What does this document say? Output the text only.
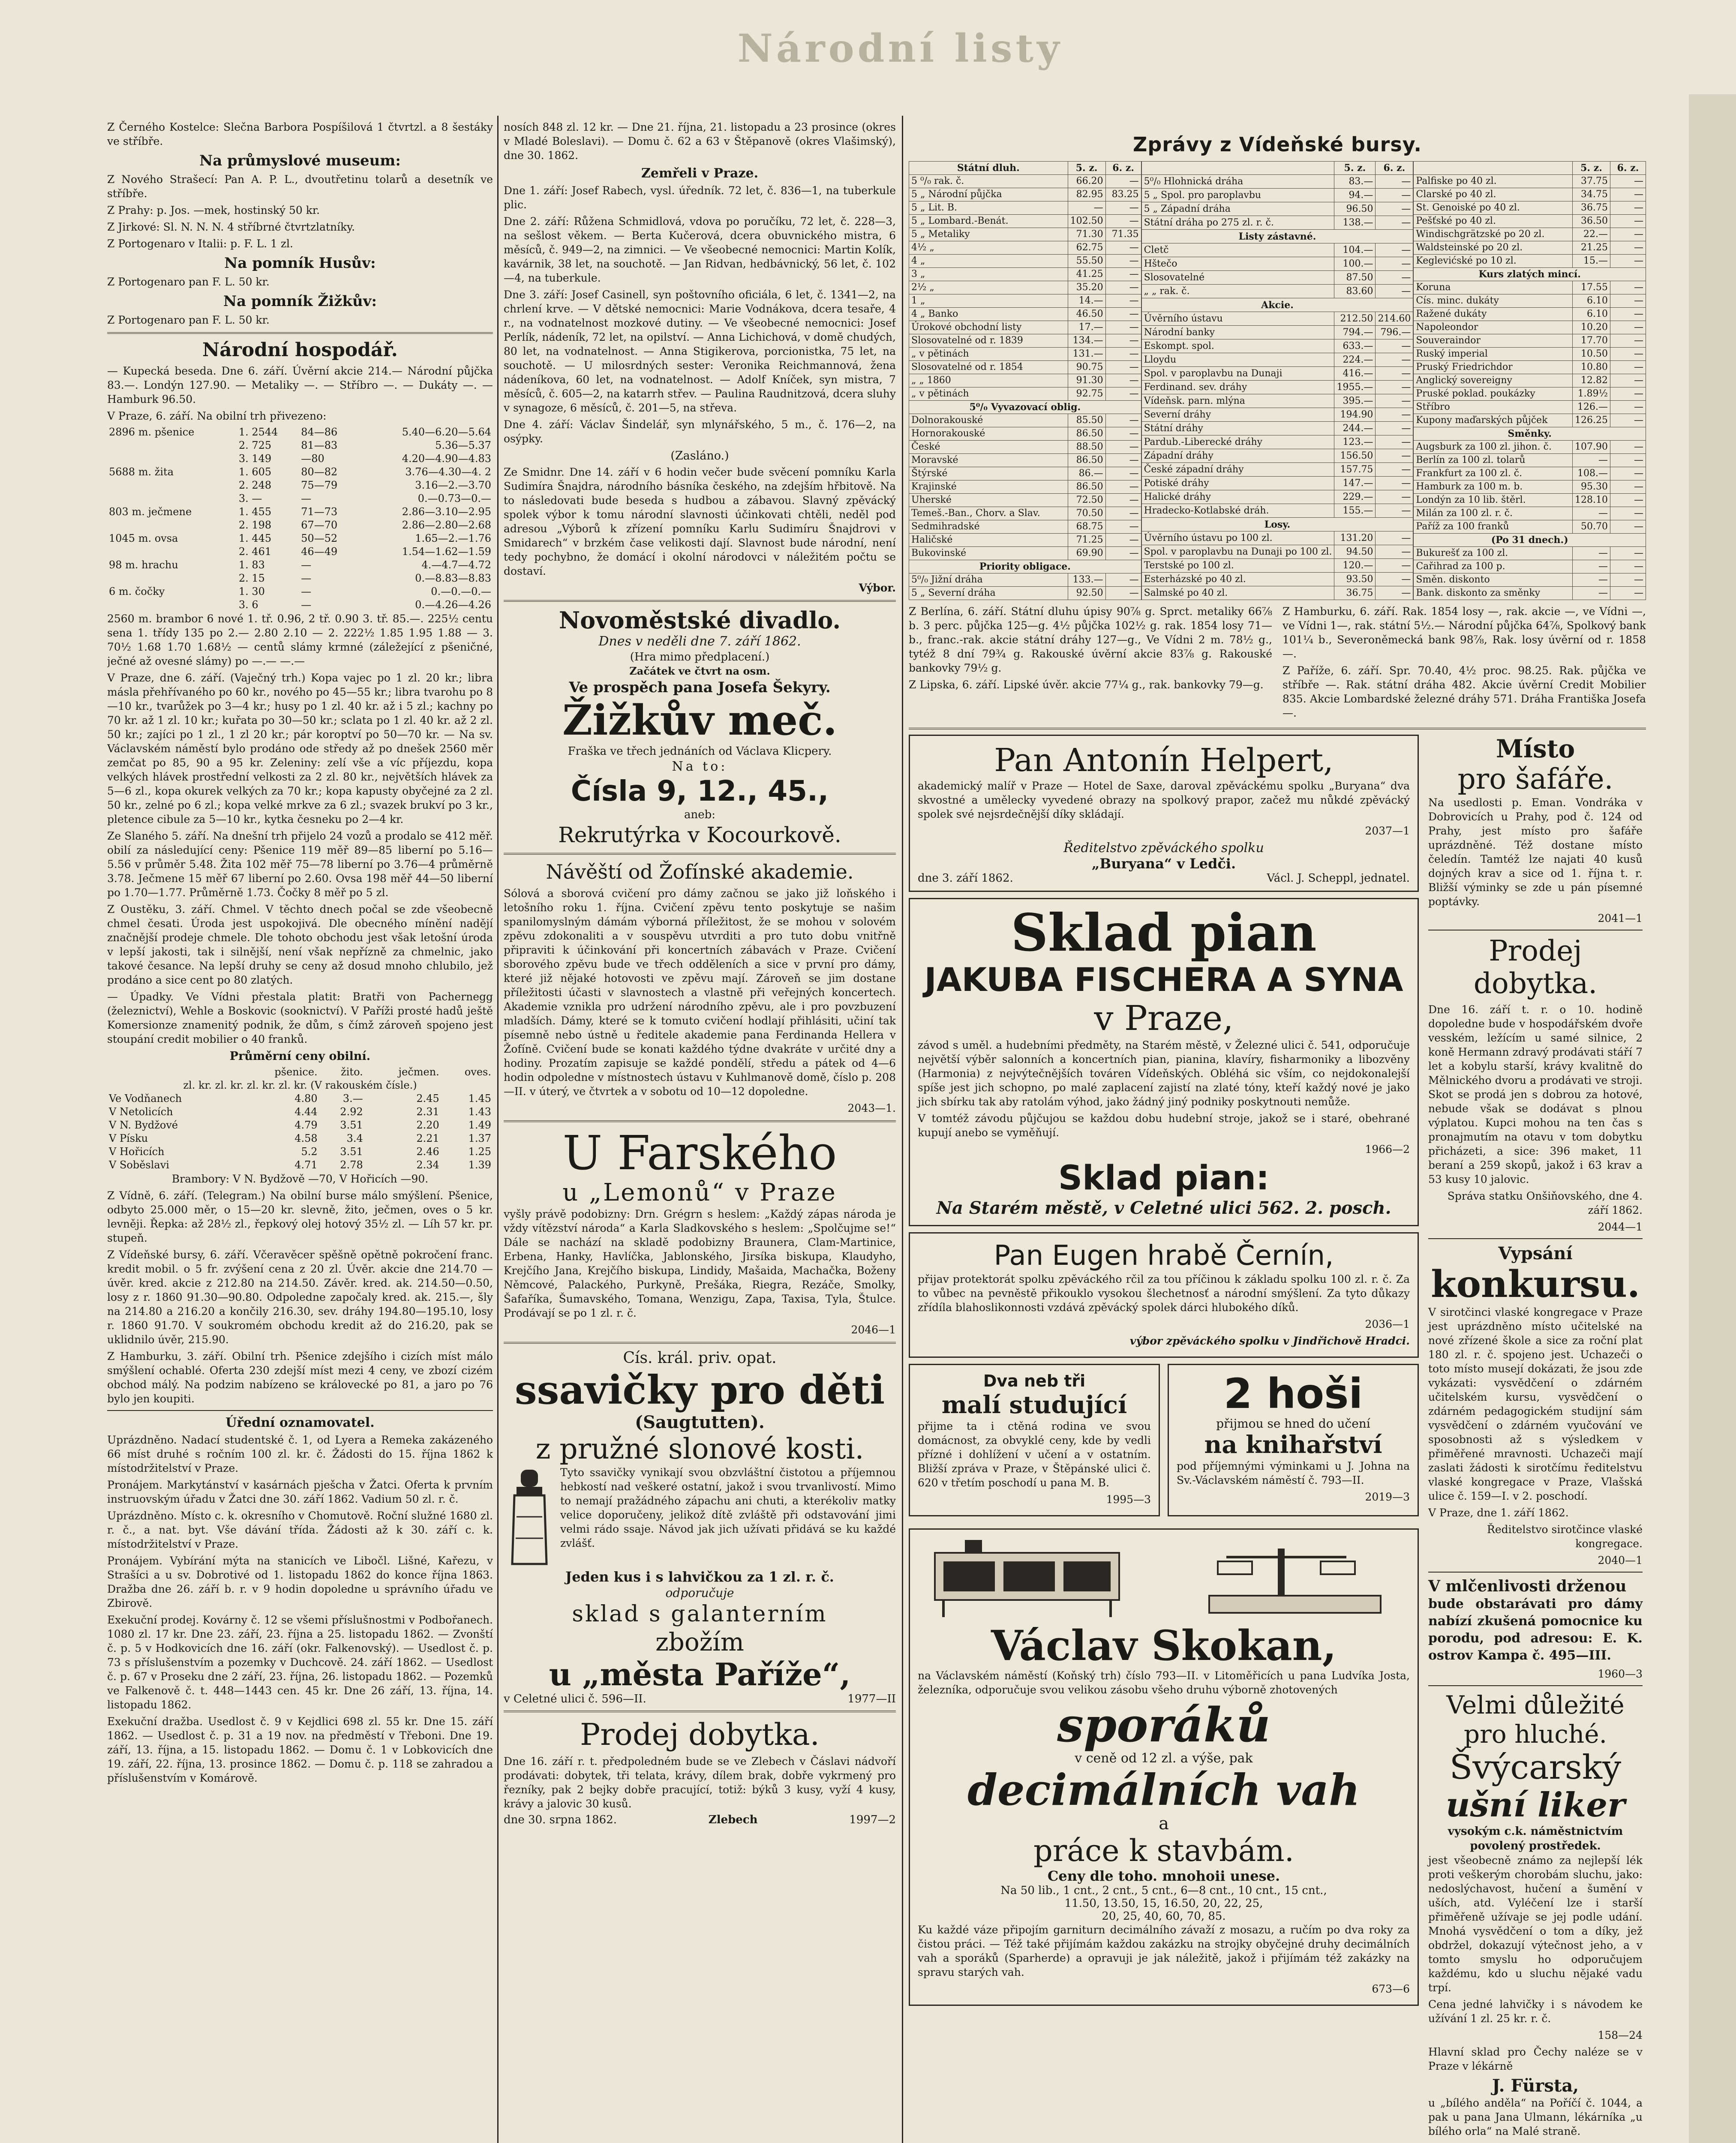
Národní listy

Z Černého Kostelce: Slečna Barbora Pospíšilová 1 čtvrtzl. a 8 šestáky ve stříbře.

Na průmyslové museum:

Z Nového Strašecí: Pan A. P. L., dvoutřetinu tolarů a desetník ve stříbře.

Z Prahy: p. Jos. —mek, hostinský 50 kr.

Z Jirkové: Sl. N. N. N. 4 stříbrné čtvrtzlatníky.

Z Portogenaro v Italii: p. F. L. 1 zl.

Na pomník Husův:

Z Portogenaro pan F. L. 50 kr.

Na pomník Žižkův:

Z Portogenaro pan F. L. 50 kr.

Národní hospodář.

— Kupecká beseda. Dne 6. září. Úvěrní akcie 214.— Národní půjčka 83.—. Londýn 127.90. — Metaliky —. — Stříbro —. — Dukáty —. — Hamburk 96.50.

V Praze, 6. září. Na obilní trh přivezeno:

2896 m. pšenice	1. 2544	84—86	5.40—6.20—5.64
	2. 725	81—83	5.36—5.37
	3. 149	—80	4.20—4.90—4.83
5688 m. žita	1. 605	80—82	3.76—4.30—4. 2
	2. 248	75—79	3.16—2.—3.70
	3. —	—	0.—0.73—0.—
803 m. ječmene	1. 455	71—73	2.86—3.10—2.95
	2. 198	67—70	2.86—2.80—2.68
1045 m. ovsa	1. 445	50—52	1.65—2.—1.76
	2. 461	46—49	1.54—1.62—1.59
98 m. hrachu	1. 83	—	4.—4.7—4.72
	2. 15	—	0.—8.83—8.83
6 m. čočky	1. 30	—	0.—0.—0.—
	3. 6	—	0.—4.26—4.26

2560 m. brambor 6 nové 1. tř. 0.96, 2 tř. 0.90 3. tř. 85.—. 225½ centu sena 1. třídy 135 po 2.— 2.80 2.10 — 2. 222½ 1.85 1.95 1.88 — 3. 70½ 1.68 1.70 1.68½ — centů slámy krmné (záležející z pšeničné, ječné až ovesné slámy) po —.— —.—

V Praze, dne 6. září. (Vaječný trh.) Kopa vajec po 1 zl. 20 kr.; libra másla přehřívaného po 60 kr., nového po 45—55 kr.; libra tvarohu po 8—10 kr., tvarůžek po 3—4 kr.; husy po 1 zl. 40 kr. až i 5 zl.; kachny po 70 kr. až 1 zl. 10 kr.; kuřata po 30—50 kr.; sclata po 1 zl. 40 kr. až 2 zl. 50 kr.; zajíci po 1 zl., 1 zl 20 kr.; pár koroptví po 50—70 kr. — Na sv. Václavském náměstí bylo prodáno ode středy až po dnešek 2560 měr zemčat po 85, 90 a 95 kr. Zeleniny: zelí vše a víc příjezdu, kopa velkých hlávek prostřední velkosti za 2 zl. 80 kr., největších hlávek za 5—6 zl., kopa okurek velkých za 70 kr.; kopa kapusty obyčejné za 2 zl. 50 kr., zelné po 6 zl.; kopa velké mrkve za 6 zl.; svazek brukví po 3 kr., pletence cibule za 5—10 kr., kytka česneku po 2—4 kr.

Ze Slaného 5. září. Na dnešní trh přijelo 24 vozů a prodalo se 412 měř. obilí za následující ceny: Pšenice 119 měř 89—85 liberní po 5.16—5.56 v průměr 5.48. Žita 102 měř 75—78 liberní po 3.76—4 průměrně 3.78. Ječmene 15 měř 67 liberní po 2.60. Ovsa 198 měř 44—50 liberní po 1.70—1.77. Průměrně 1.73. Čočky 8 měř po 5 zl.

Z Oustěku, 3. září. Chmel. V těchto dnech počal se zde všeobecně chmel česati. Úroda jest uspokojivá. Dle obecného mínění nadějí značnější prodeje chmele. Dle tohoto obchodu jest však letošní úroda v lepší jakosti, tak i silnější, není však nepřízně za chmelnic, jako takové česance. Na lepší druhy se ceny až dosud mnoho chlubilo, jež prodáno a sice cent po 80 zlatých.

— Úpadky. Ve Vídni přestala platit: Bratři von Pachernegg (železnictví), Wehle a Boskovic (sooknictví). V Paříži prosté hadů ještě Komersionze znamenitý podnik, že dům, s čímž zároveň spojeno jest stoupání credit mobilier o 40 franků.

Průměrní ceny obilní.
	pšenice.	žito.	ječmen.	oves.
zl. kr. zl. kr. zl. kr. zl. kr. (V rakouském čísle.)				
Ve Vodňanech	4.80	3.—	2.45	1.45
V Netolicích	4.44	2.92	2.31	1.43
V N. Bydžové	4.79	3.51	2.20	1.49
V Písku	4.58	3.4	2.21	1.37
V Hořicích	5.2	3.51	2.46	1.25
V Soběslavi	4.71	2.78	2.34	1.39

Brambory: V N. Bydžově —70, V Hořicích —90.

Z Vídně, 6. září. (Telegram.) Na obilní burse málo smýšlení. Pšenice, odbyto 25.000 měr, o 15—20 kr. slevně, žito, ječmen, oves o 5 kr. levněji. Řepka: až 28½ zl., řepkový olej hotový 35½ zl. — Líh 57 kr. pr. stupeň.

Z Vídeňské bursy, 6. září. Včeravěcer spěšně opětně pokročení franc. kredit mobil. o 5 fr. zvýšení cena z 20 zl. Úvěr. akcie dne 214.70 — úvěr. kred. akcie z 212.80 na 214.50. Závěr. kred. ak. 214.50—0.50, losy z r. 1860 91.30—90.80. Odpoledne započaly kred. ak. 215.—, šly na 214.80 a 216.20 a končily 216.30, sev. dráhy 194.80—195.10, losy r. 1860 91.70. V soukromém obchodu kredit až do 216.20, pak se uklidnilo úvěr, 215.90.

Z Hamburku, 3. září. Obilní trh. Pšenice zdejšího i cizích míst málo smýšlení ochablé. Oferta 230 zdejší míst mezi 4 ceny, ve zbozí cizém obchod málý. Na podzim nabízeno se královecké po 81, a jaro po 76 bylo jen koupiti.

Úřední oznamovatel.

Uprázdněno. Nadací studentské č. 1, od Lyera a Remeka zakázeného 66 míst druhé s ročním 100 zl. kr. č. Žádosti do 15. října 1862 k místodržitelství v Praze.

Pronájem. Markytánství v kasárnách pješcha v Žatci. Oferta k prvním instruovským úřadu v Žatci dne 30. září 1862. Vadium 50 zl. r. č.

Uprázdněno. Místo c. k. okresního v Chomutově. Roční služné 1680 zl. r. č., a nat. byt. Vše dávání třída. Žádosti až k 30. září c. k. místodržitelství v Praze.

Pronájem. Vybírání mýta na stanicích ve Libočl. Lišné, Kařezu, v Strašíci a u sv. Dobrotivé od 1. listopadu 1862 do konce října 1863. Dražba dne 26. září b. r. v 9 hodin dopoledne u správního úřadu ve Zbirově.

Exekuční prodej. Kovárny č. 12 se všemi příslušnostmi v Podbořanech. 1080 zl. 17 kr. Dne 23. září, 23. října a 25. listopadu 1862. — Zvonští č. p. 5 v Hodkovicích dne 16. září (okr. Falkenovský). — Usedlost č. p. 73 s příslušenstvím a pozemky v Duchcově. 24. září 1862. — Usedlost č. p. 67 v Proseku dne 2 září, 23. října, 26. listopadu 1862. — Pozemků ve Falkenově č. t. 448—1443 cen. 45 kr. Dne 26 září, 13. října, 14. listopadu 1862.

Exekuční dražba. Usedlost č. 9 v Kejdlici 698 zl. 55 kr. Dne 15. září 1862. — Usedlost č. p. 31 a 19 nov. na předměstí v Třeboni. Dne 19. září, 13. října, a 15. listopadu 1862. — Domu č. 1 v Lobkovicích dne 19. září, 22. října, 13. prosince 1862. — Domu č. p. 118 se zahradou a příslušenstvím v Komárově.

nosích 848 zl. 12 kr. — Dne 21. října, 21. listopadu a 23 prosince (okres v Mladé Boleslavi). — Domu č. 62 a 63 v Štěpanově (okres Vlašimský), dne 30. 1862.

Zemřeli v Praze.

Dne 1. září: Josef Rabech, vysl. úředník. 72 let, č. 836—1, na tuberkule plic.

Dne 2. září: Růžena Schmidlová, vdova po poručíku, 72 let, č. 228—3, na sešlost věkem. — Berta Kučerová, dcera obuvnického mistra, 6 měsíců, č. 949—2, na zimnici. — Ve všeobecné nemocnici: Martin Kolík, kavárnik, 38 let, na souchotě. — Jan Ridvan, hedbávnický, 56 let, č. 102—4, na tuberkule.

Dne 3. září: Josef Casinell, syn poštovního oficiála, 6 let, č. 1341—2, na chrlení krve. — V dětské nemocnici: Marie Vodnákova, dcera tesaře, 4 r., na vodnatelnost mozkové dutiny. — Ve všeobecné nemocnici: Josef Perlík, nádeník, 72 let, na opilství. — Anna Lichichová, v domě chudých, 80 let, na vodnatelnost. — Anna Stigikerova, porcionistka, 75 let, na souchotě. — U milosrdných sester: Veronika Reichmannová, žena nádeníkova, 60 let, na vodnatelnost. — Adolf Kníček, syn mistra, 7 měsíců, č. 605—2, na katarrh střev. — Paulina Raudnitzová, dcera sluhy v synagoze, 6 měsíců, č. 201—5, na střeva.

Dne 4. září: Václav Šindelář, syn mlynářského, 5 m., č. 176—2, na osýpky.

(Zasláno.)

Ze Smidnr. Dne 14. září v 6 hodin večer bude svěcení pomníku Karla Sudimíra Šnajdra, národního básníka českého, na zdejším hřbitově. Na to následovati bude beseda s hudbou a zábavou. Slavný zpěvácký spolek výbor k tomu národní slavnosti účinkovati chtěli, neděl pod adresou „Výborů k zřízení pomníku Karlu Sudimíru Šnajdrovi v Smidarech“ v brzkém čase velikosti dají. Slavnost bude národní, není tedy pochybno, že domácí i okolní národovci v náležitém počtu se dostaví.

Výbor.

Novoměstské divadlo.
Dnes v neděli dne 7. září 1862.
(Hra mimo předplacení.)
Začátek ve čtvrt na osm.
Ve prospěch pana Josefa Šekyry.
Žižkův meč.
Fraška ve třech jednáních od Václava Klicpery.
Na to:
Čísla 9, 12., 45.,
aneb:
Rekrutýrka v Kocourkově.
Návěští od Žofínské akademie.

Sólová a sborová cvičení pro dámy začnou se jako již loňského i letošního roku 1. října. Cvičení zpěvu tento poskytuje se našim spanilomyslným dámám výborná příležitost, že se mohou v solovém zpěvu zdokonaliti a v souspěvu utvrditi a pro tuto dobu vnitřně připraviti k účinkování při koncertních zábavách v Praze. Cvičení sborového zpěvu bude ve třech odděleních a sice v první pro dámy, které již nějaké hotovosti ve zpěvu mají. Zároveň se jim dostane příležitosti účasti v slavnostech a vlastně při veřejných koncertech. Akademie vznikla pro udržení národního zpěvu, ale i pro povzbuzení mladších. Dámy, které se k tomuto cvičení hodlají přihlásiti, učiní tak písemně nebo ústně u ředitele akademie pana Ferdinanda Hellera v Žofíně. Cvičení bude se konati každého týdne dvakráte v určité dny a hodiny. Prozatím zapisuje se každé pondělí, středu a pátek od 4—6 hodin odpoledne v místnostech ústavu v Kuhlmanově domě, číslo p. 208—II. v úterý, ve čtvrtek a v sobotu od 10—12 dopoledne.

2043—1.

U Farského
u „Lemonů“ v Praze

vyšly právě podobizny: Drn. Grégrn s heslem: „Každý zápas národa je vždy vítězství národa“ a Karla Sladkovského s heslem: „Spolčujme se!“ Dále se nachází na skladě podobizny Braunera, Clam-Martinice, Erbena, Hanky, Havlíčka, Jablonského, Jirsíka biskupa, Klaudyho, Krejčího Jana, Krejčího biskupa, Lindidy, Mašaida, Machačka, Boženy Němcové, Palackého, Purkyně, Prešáka, Riegra, Rezáče, Smolky, Šafaříka, Šumavského, Tomana, Wenzigu, Zapa, Taxisa, Tyla, Štulce. Prodávají se po 1 zl. r. č.

2046—1

Cís. král. priv. opat.
ssavičky pro děti
(Saugtutten).
z pružné slonové kosti.

Tyto ssavičky vynikají svou obzvláštní čistotou a příjemnou hebkostí nad veškeré ostatní, jakož i svou trvanlivostí. Mimo to nemají pražádného zápachu ani chuti, a kterékoliv matky velice doporučeny, jelikož dítě zvláště při odstavování jimi velmi rádo ssaje. Návod jak jich užívati přidává se ku každé zvlášť.

Jeden kus i s lahvičkou za 1 zl. r. č.
odporučuje
sklad s galanterním
zbožím
u „města Paříže“,
v Celetné ulici č. 596—II.	1977—II
Prodej dobytka.

Dne 16. září r. t. předpoledném bude se ve Zlebech v Čáslavi nádvoří prodávati: dobytek, tři telata, krávy, dílem brak, dobře vykrmený pro řezníky, pak 2 bejky dobře pracující, totiž: býků 3 kusy, vyží 4 kusy, krávy a jalovic 30 kusů.

dne 30. srpna 1862.	Zlebech	1997—2
Zprávy z Vídeňské bursy.
Státní dluh.	5. z.	6. z.
5 ⁰/₀ rak. č.	66.20	—
5 „ Národní půjčka	82.95	83.25
5 „ Lit. B.	—	—
5 „ Lombard.-Benát.	102.50	—
5 „ Metaliky	71.30	71.35
4½ „	62.75	—
4 „	55.50	—
3 „	41.25	—
2½ „	35.20	—
1 „	14.—	—
4 „ Banko	46.50	—
Úrokové obchodní listy	17.—	—
Slosovatelné od r. 1839	134.—	—
„ v pětinách	131.—	—
Slosovatelné od r. 1854	90.75	—
„ „ 1860	91.30	—
„ v pětinách	92.75	—
5⁰/₀ Vyvazovací oblig.		
Dolnorakouské	85.50	—
Hornorakouské	86.50	—
České	88.50	—
Moravské	86.50	—
Štýrské	86.—	—
Krajinské	86.50	—
Uherské	72.50	—
Temeš.-Ban., Chorv. a Slav.	70.50	—
Sedmihradské	68.75	—
Haličské	71.25	—
Bukovinské	69.90	—
Priority obligace.		
5⁰/₀ Jižní dráha	133.—	—
5 „ Severní dráha	92.50	—
	5. z.	6. z.
5⁰/₀ Hlohnická dráha	83.—	—
5 „ Spol. pro paroplavbu	94.—	—
5 „ Západní dráha	96.50	—
Státní dráha po 275 zl. r. č.	138.—	—
Listy zástavné.		
Cletč	104.—	—
Hštečo	100.—	—
Slosovatelné	87.50	—
„ „ rak. č.	83.60	—
Akcie.		
Úvěrního ústavu	212.50	214.60
Národní banky	794.—	796.—
Eskompt. spol.	633.—	—
Lloydu	224.—	—
Spol. v paroplavbu na Dunaji	416.—	—
Ferdinand. sev. dráhy	1955.—	—
Vídeňsk. parn. mlýna	395.—	—
Severní dráhy	194.90	—
Státní dráhy	244.—	—
Pardub.-Liberecké dráhy	123.—	—
Západní dráhy	156.50	—
České západní dráhy	157.75	—
Potiské dráhy	147.—	—
Halické dráhy	229.—	—
Hradecko-Kotlabské dráh.	155.—	—
Losy.		
Úvěrního ústavu po 100 zl.	131.20	—
Spol. v paroplavbu na Dunaji po 100 zl.	94.50	—
Terstské po 100 zl.	120.—	—
Esterházské po 40 zl.	93.50	—
Salmské po 40 zl.	36.75	—
	5. z.	6. z.
Palfiske po 40 zl.	37.75	—
Clarské po 40 zl.	34.75	—
St. Genoiské po 40 zl.	36.75	—
Pešťské po 40 zl.	36.50	—
Windischgrätzské po 20 zl.	22.—	—
Waldsteinské po 20 zl.	21.25	—
Keglevićské po 10 zl.	15.—	—
Kurs zlatých mincí.		
Koruna	17.55	—
Cís. minc. dukáty	6.10	—
Ražené dukáty	6.10	—
Napoleondor	10.20	—
Souveraindor	17.70	—
Ruský imperial	10.50	—
Pruský Friedrichdor	10.80	—
Anglický sovereigny	12.82	—
Pruské poklad. poukázky	1.89½	—
Stříbro	126.—	—
Kupony maďarských půjček	126.25	—
Směnky.		
Augsburk za 100 zl. jihon. č.	107.90	—
Berlín za 100 zl. tolarů	—	—
Frankfurt za 100 zl. č.	108.—	—
Hamburk za 100 m. b.	95.30	—
Londýn za 10 lib. štěrl.	128.10	—
Milán za 100 zl. r. č.	—	—
Paříž za 100 franků	50.70	—
(Po 31 dnech.)		
Bukurešť za 100 zl.	—	—
Cařihrad za 100 p.	—	—
Směn. diskonto	—	—
Bank. diskonto za směnky	—	—

Z Berlína, 6. září. Státní dluhu úpisy 90⅞ g. Sprct. metaliky 66⅞ b. 3 perc. půjčka 125—g. 4½ půjčka 102½ g. rak. 1854 losy 71—b., franc.-rak. akcie státní dráhy 127—g., Ve Vídni 2 m. 78½ g., tytéž 8 dní 79¾ g. Rakouské úvěrní akcie 83⅞ g. Rakouské bankovky 79½ g.

Z Lipska, 6. září. Lipské úvěr. akcie 77¼ g., rak. bankovky 79—g.

Z Hamburku, 6. září. Rak. 1854 losy —, rak. akcie —, ve Vídni —, ve Vídni 1—, rak. státní 5½.— Národní půjčka 64⅞, Spolkový bank 101¼ b., Severoněmecká bank 98⅞, Rak. losy úvěrní od r. 1858 —.

Z Paříže, 6. září. Spr. 70.40, 4½ proc. 98.25. Rak. půjčka ve stříbře —. Rak. státní dráha 482. Akcie úvěrní Credit Mobilier 835. Akcie Lombardské železné dráhy 571. Dráha Františka Josefa —.

Pan Antonín Helpert,

akademický malíř v Praze — Hotel de Saxe, daroval zpěváckému spolku „Buryana“ dva skvostné a umělecky vyvedené obrazy na spolkový prapor, začež mu nůkdé zpěvácký spolek své nejsrdečnější díky skládají.

2037—1

Ředitelstvo zpěváckého spolku
„Buryana“ v Ledči.
dne 3. září 1862.	Václ. J. Scheppl, jednatel.
Sklad pian
JAKUBA FISCHERA A SYNA
v Praze,

závod s uměl. a hudebními předměty, na Starém městě, v Železné ulici č. 541, odporučuje největší výběr salonních a koncertních pian, pianina, klavíry, fisharmoniky a libozvěny (Harmonia) z nejvýtečnějších továren Vídeňských. Obléhá sic vším, co nejdokonalejší spíše jest jich schopno, po malé zaplacení zajistí na zlaté tóny, kteří každý nové je jako jich sbírku tak aby ratolám výhod, jako žádný jiný podniky poskytnouti nemůže.

V tomtéž závodu půjčujou se každou dobu hudební stroje, jakož se i staré, obehrané kupují anebo se vyměňují.

1966—2

Sklad pian:
Na Starém městě, v Celetné ulici 562. 2. posch.
Pan Eugen hrabě Černín,

přijav protektorát spolku zpěváckého rčil za tou příčinou k základu spolku 100 zl. r. č. Za to vůbec na pevněstě přikouklo vysokou šlechetnosť a národní smýšlení. Za tyto důkazy zřídíla blahoslikonnosti vzdává zpěvácký spolek dárci hlubokého díků.

2036—1

výbor zpěváckého spolku v Jindřichově Hradci.

Dva neb tři
malí studující

přijme ta i ctěná rodina ve svou domácnost, za obvyklé ceny, kde by vedli přízné i dohlížení v učení a v ostatním. Bližší zpráva v Praze, v Štěpánské ulici č. 620 v třetím poschodí u pana M. B.

1995—3

2 hoši
přijmou se hned do učení
na knihařství

pod příjemnými výminkami u J. Johna na Sv.-Václavském náměstí č. 793—II.

2019—3

Václav Skokan,

na Václavském náměstí (Koňský trh) číslo 793—II. v Litoměřicích u pana Ludvíka Josta, železníka, odporučuje svou velikou zásobu všeho druhu výborně zhotovených

sporáků
v ceně od 12 zl. a výše, pak
decimálních vah
a
práce k stavbám.
Ceny dle toho. mnohoii unese.
Na 50 lib., 1 cnt., 2 cnt., 5 cnt., 6—8 cnt., 10 cnt., 15 cnt.,
11.50, 13.50, 15, 16.50, 20, 22, 25,
20, 25, 40, 60, 70, 85.

Ku každé váze připojím garniturn decimálního závaží z mosazu, a ručím po dva roky za čistou práci. — Též také přijímám každou zakázku na strojky obyčejné druhy decimálních vah a sporáků (Sparherde) a opravuji je jak náležitě, jakož i přijímám též zakázky na spravu starých vah.

673—6

Místo
pro šafáře.

Na usedlosti p. Eman. Vondráka v Dobrovicích u Prahy, pod č. 124 od Prahy, jest místo pro šafáře uprázdněné. Též dostane místo čeledín. Tamtéž lze najati 40 kusů dojných krav a sice od 1. října t. r. Bližší výminky se zde u pán písemné poptávky.

2041—1

Prodej dobytka.

Dne 16. září t. r. o 10. hodině dopoledne bude v hospodářském dvoře vesském, ležícím u samé silnice, 2 koně Hermann zdravý prodávati stáří 7 let a kobylu starší, krávy kvalitně do Mělnického dvoru a prodávati ve stroji. Skot se prodá jen s dobrou za hotové, nebude však se dodávat s plnou výplatou. Kupci mohou na ten čas s pronajmutím na otavu v tom dobytku přicházeti, a sice: 396 maket, 11 beraní a 259 skopů, jakož i 63 krav a 53 kusy 10 jalovic.

Správa statku Onšiňovského, dne 4. září 1862.

2044—1

Vypsání
konkursu.

V sirotčinci vlaské kongregace v Praze jest uprázdněno místo učitelské na nové zřízené škole a sice za roční plat 180 zl. r. č. spojeno jest. Uchazeči o toto místo musejí dokázati, že jsou zde vykázati: vysvědčení o zdárném učitelském kursu, vysvědčení o zdárném pedagogickém studijní sám vysvědčení o zdárném vyučování ve sposobnosti až s výsledkem v přiměřené mravnosti. Uchazeči mají zaslati žádosti k sirotčímu ředitelstvu vlaské kongregace v Praze, Vlašská ulice č. 159—I. v 2. poschodí.

V Praze, dne 1. září 1862.

Ředitelstvo sirotčince vlaské kongregace.

2040—1

V mlčenlivosti drženou

bude obstarávati pro dámy nabízí zkušená pomocnice ku porodu, pod adresou: E. K. ostrov Kampa č. 495—III.

1960—3

Velmi důležité
pro hluché.
Švýcarský
ušní liker
vysokým c.k. náměstnictvím povolený prostředek.

jest všeobecně známo za nejlepší lék proti veškerým chorobám sluchu, jako: nedoslýchavost, hučení a šumění v uších, atd. Vyléčení lze i starší přiměřeně užívaje se jej podle udání. Mnohá vysvědčení o tom a díky, jež obdržel, dokazují výtečnost jeho, a v tomto smyslu ho odporučujem každému, kdo u sluchu nějaké vadu trpí.

Cena jedné lahvičky i s návodem ke užívání 1 zl. 25 kr. r. č.

158—24

Hlavní sklad pro Čechy naléze se v Praze v lékárně

J. Fürsta,

u „bílého anděla“ na Poříčí č. 1044, a pak u pana Jana Ulmann, lékárníka „u bílého orla“ na Malé straně.
